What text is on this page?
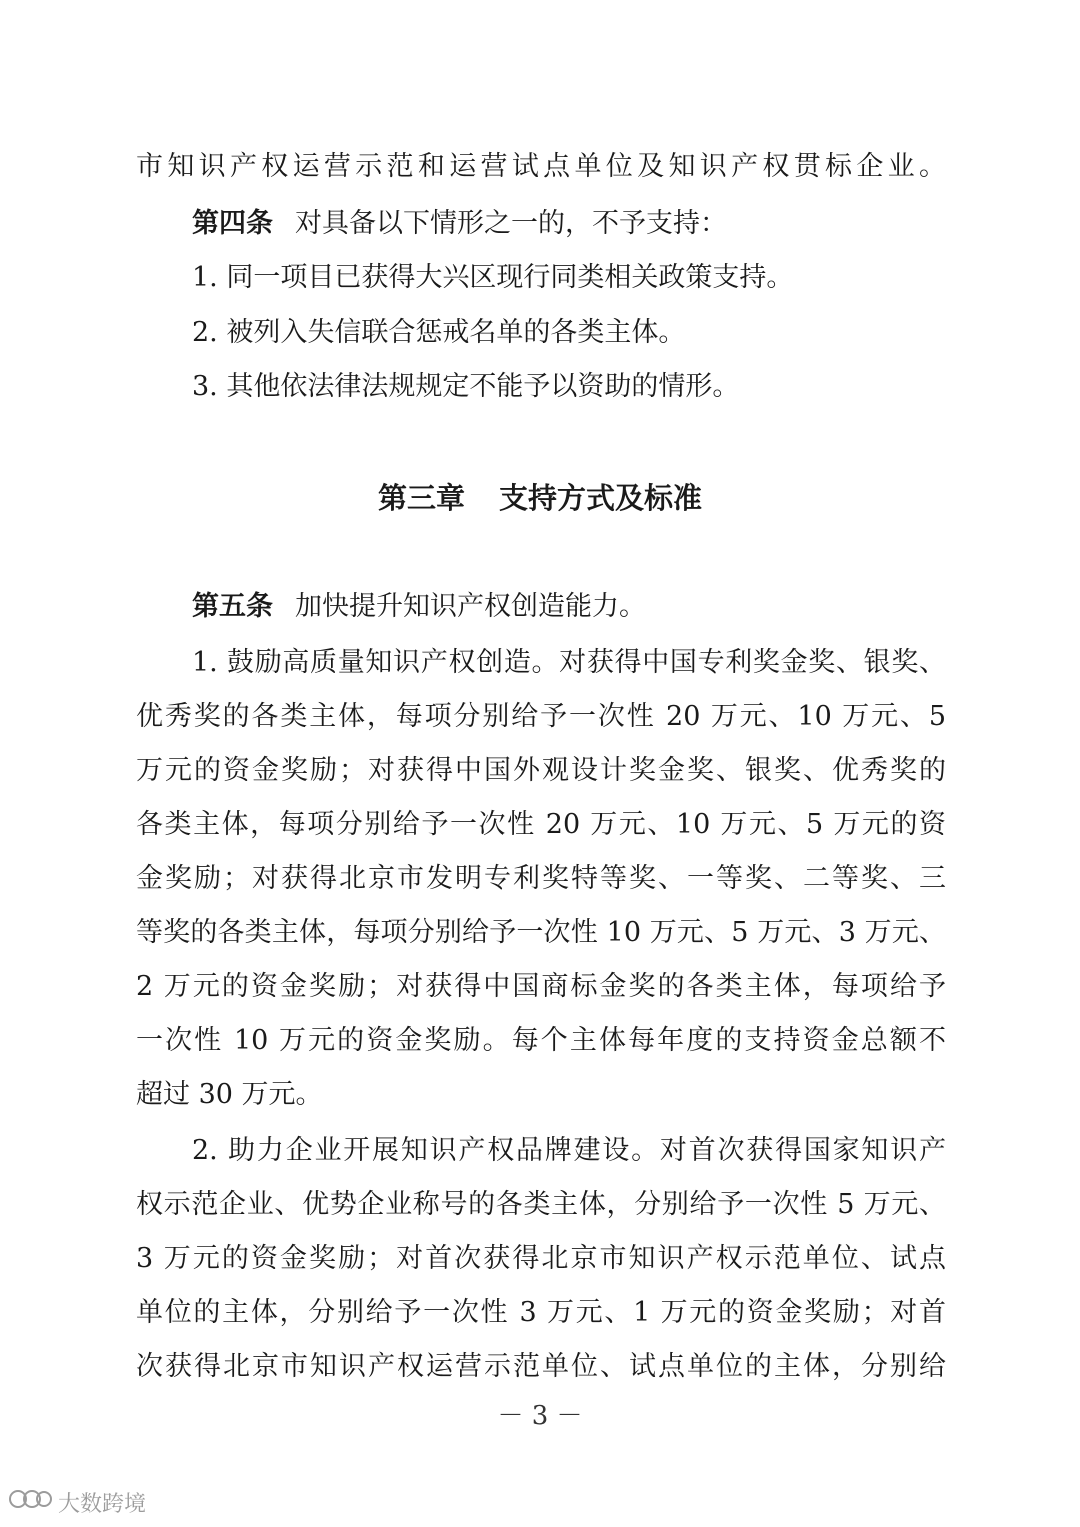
市知识产权运营示范和运营试点单位及知识产权贯标企业。
第四条 对具备以下情形之一的，不予支持：
1. 同一项目已获得大兴区现行同类相关政策支持。
2. 被列入失信联合惩戒名单的各类主体。
3. 其他依法律法规规定不能予以资助的情形。
第三章 支持方式及标准
第五条 加快提升知识产权创造能力。
1. 鼓励高质量知识产权创造。对获得中国专利奖金奖、银奖、
优秀奖的各类主体，每项分别给予一次性 20 万元、10 万元、5
万元的资金奖励；对获得中国外观设计奖金奖、银奖、优秀奖的
各类主体，每项分别给予一次性 20 万元、10 万元、5 万元的资
金奖励；对获得北京市发明专利奖特等奖、一等奖、二等奖、三
等奖的各类主体，每项分别给予一次性 10 万元、5 万元、3 万元、
2 万元的资金奖励；对获得中国商标金奖的各类主体，每项给予
一次性 10 万元的资金奖励。每个主体每年度的支持资金总额不
超过 30 万元。
2. 助力企业开展知识产权品牌建设。对首次获得国家知识产
权示范企业、优势企业称号的各类主体，分别给予一次性 5 万元、
3 万元的资金奖励；对首次获得北京市知识产权示范单位、试点
单位的主体，分别给予一次性 3 万元、1 万元的资金奖励；对首
次获得北京市知识产权运营示范单位、试点单位的主体，分别给
－ 3 －
大数跨境
